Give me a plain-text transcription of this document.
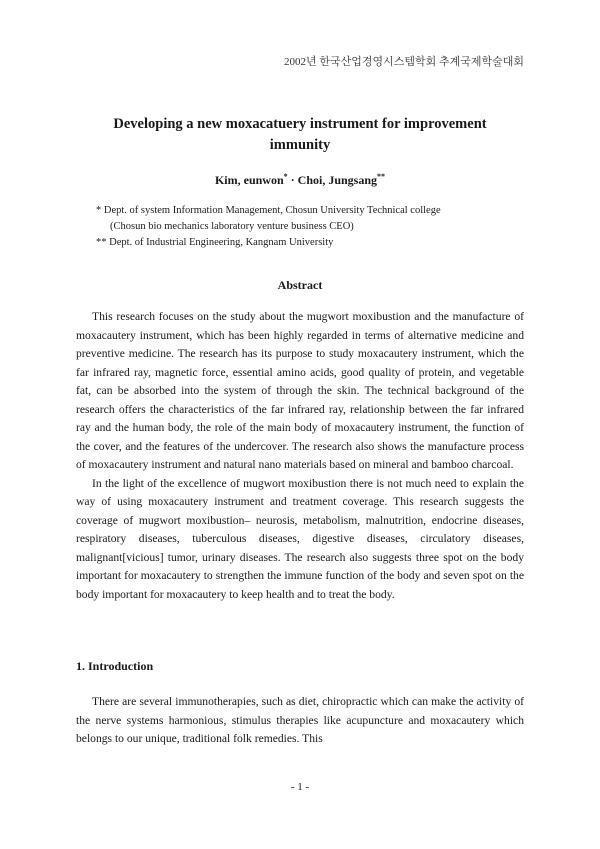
2002년 한국산업경영시스템학회 추계국제학술대회
Developing a new moxacatuery instrument for improvement immunity
Kim, eunwon* · Choi, Jungsang**
* Dept. of system Information Management, Chosun University Technical college
(Chosun bio mechanics laboratory venture business CEO)
** Dept. of Industrial Engineering, Kangnam University
Abstract

This research focuses on the study about the mugwort moxibustion and the manufacture of moxacautery instrument, which has been highly regarded in terms of alternative medicine and preventive medicine. The research has its purpose to study moxacautery instrument, which the far infrared ray, magnetic force, essential amino acids, good quality of protein, and vegetable fat, can be absorbed into the system of through the skin. The technical background of the research offers the characteristics of the far infrared ray, relationship between the far infrared ray and the human body, the role of the main body of moxacautery instrument, the function of the cover, and the features of the undercover. The research also shows the manufacture process of moxacautery instrument and natural nano materials based on mineral and bamboo charcoal.

In the light of the excellence of mugwort moxibustion there is not much need to explain the way of using moxacautery instrument and treatment coverage. This research suggests the coverage of mugwort moxibustion– neurosis, metabolism, malnutrition, endocrine diseases, respiratory diseases, tuberculous diseases, digestive diseases, circulatory diseases, malignant[vicious] tumor, urinary diseases. The research also suggests three spot on the body important for moxacautery to strengthen the immune function of the body and seven spot on the body important for moxacautery to keep health and to treat the body.

1. Introduction

There are several immunotherapies, such as diet, chiropractic which can make the activity of the nerve systems harmonious, stimulus therapies like acupuncture and moxacautery which belongs to our unique, traditional folk remedies. This

- 1 -
